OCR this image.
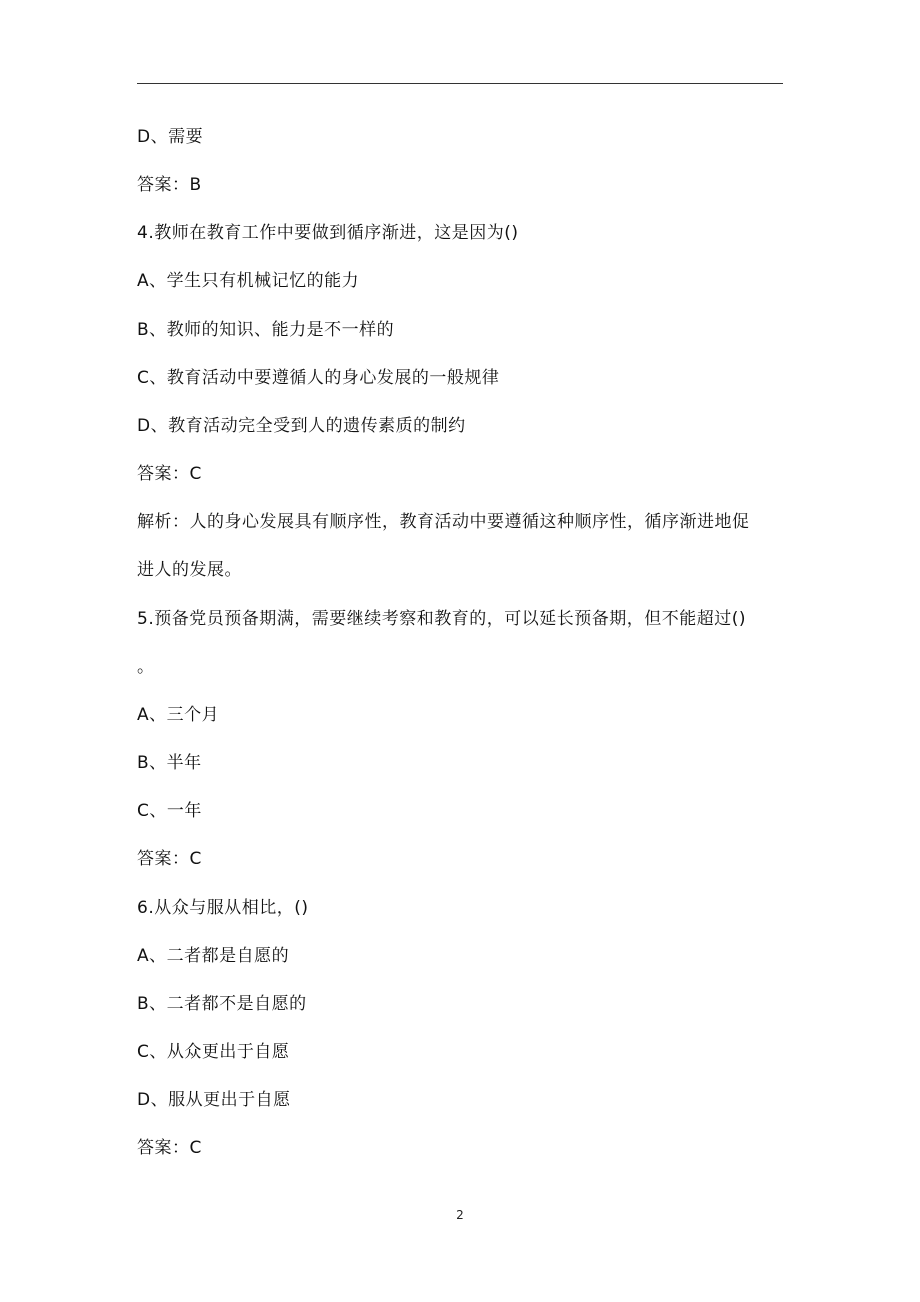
D、需要
答案：B
4.教师在教育工作中要做到循序渐进，这是因为()
A、学生只有机械记忆的能力
B、教师的知识、能力是不一样的
C、教育活动中要遵循人的身心发展的一般规律
D、教育活动完全受到人的遗传素质的制约
答案：C
解析：人的身心发展具有顺序性，教育活动中要遵循这种顺序性，循序渐进地促
进人的发展。
5.预备党员预备期满，需要继续考察和教育的，可以延长预备期，但不能超过()
。
A、三个月
B、半年
C、一年
答案：C
6.从众与服从相比，()
A、二者都是自愿的
B、二者都不是自愿的
C、从众更出于自愿
D、服从更出于自愿
答案：C
2
